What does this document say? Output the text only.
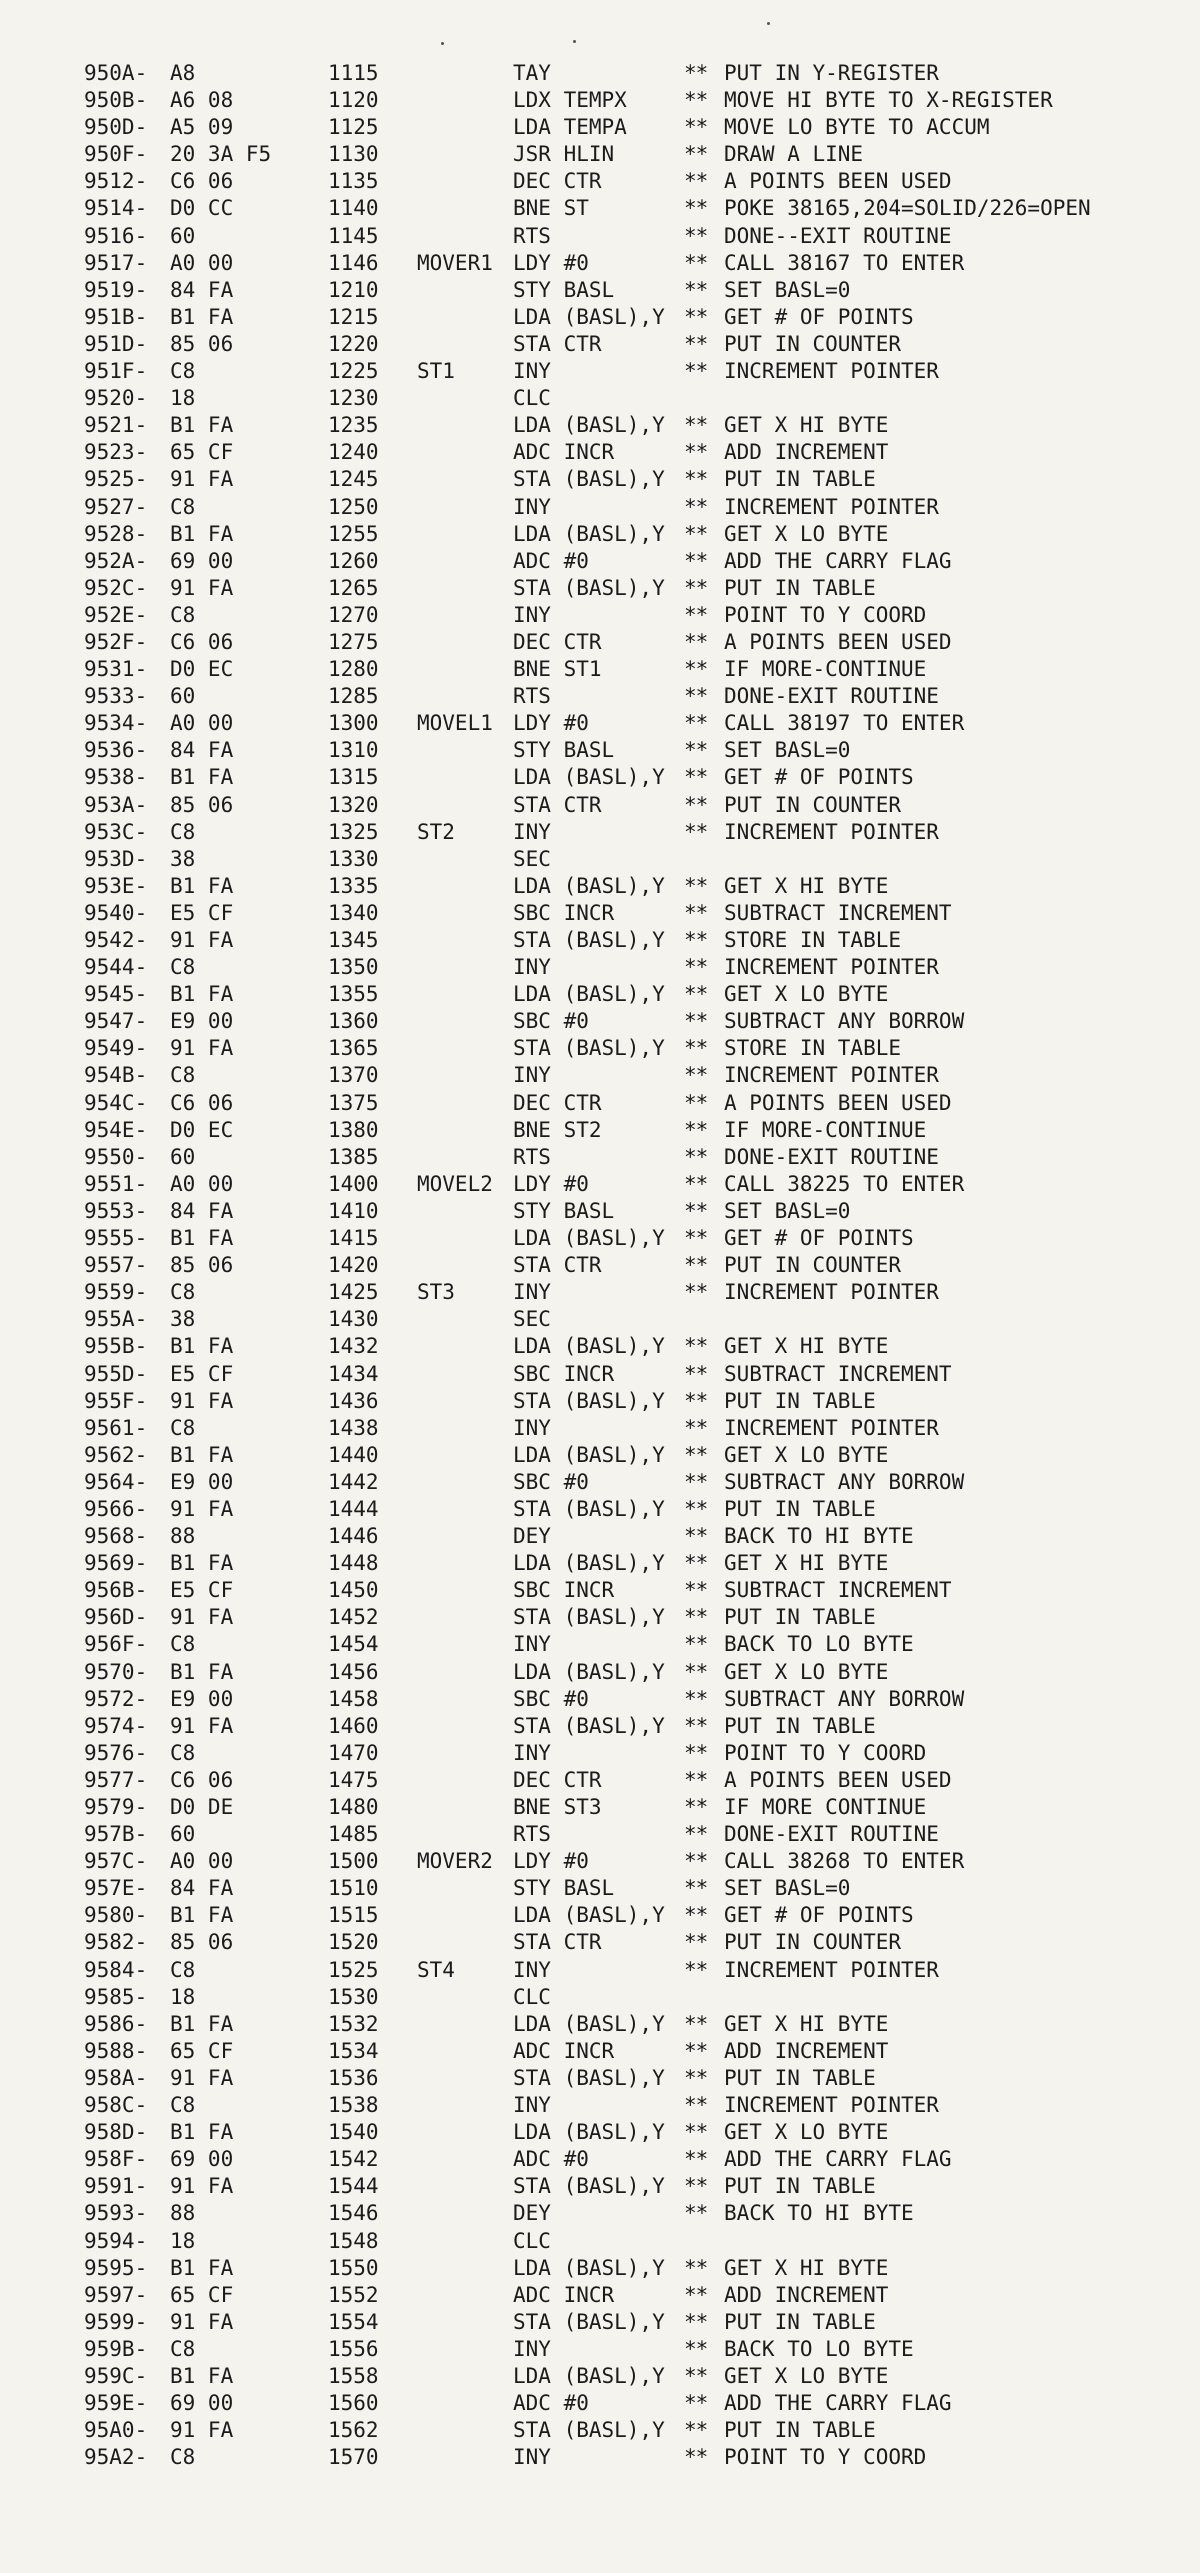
950A- A8	1115	TAY	** PUT IN Y-REGISTER
950B- A6 08	1120	LDX TEMPX	** MOVE HI BYTE TO X-REGISTER
950D- A5 09	1125	LDA TEMPA	** MOVE LO BYTE TO ACCUM
950F- 20 3A F5	1130	JSR HLIN	** DRAW A LINE
9512- C6 06	1135	DEC CTR	** A POINTS BEEN USED
9514- D0 CC	1140	BNE ST	** POKE 38165,204=SOLID/226=OPEN
9516- 60	1145	RTS	** DONE--EXIT ROUTINE
9517- A0 00	1146 MOVER1 LDY #0	** CALL 38167 TO ENTER
9519- 84 FA	1210	STY BASL	** SET BASL=0
951B- B1 FA	1215	LDA (BASL),Y ** GET # OF POINTS
951D- 85 06	1220	STA CTR	** PUT IN COUNTER
951F- C8	1225 ST1	INY	** INCREMENT POINTER
9520- 18	1230	CLC
9521- B1 FA	1235	LDA (BASL),Y ** GET X HI BYTE
9523- 65 CF	1240	ADC INCR	** ADD INCREMENT
9525- 91 FA	1245	STA (BASL),Y ** PUT IN TABLE
9527- C8	1250	INY	** INCREMENT POINTER
9528- B1 FA	1255	LDA (BASL),Y ** GET X LO BYTE
952A- 69 00	1260	ADC #0	** ADD THE CARRY FLAG
952C- 91 FA	1265	STA (BASL),Y ** PUT IN TABLE
952E- C8	1270	INY	** POINT TO Y COORD
952F- C6 06	1275	DEC CTR	** A POINTS BEEN USED
9531- D0 EC	1280	BNE ST1	** IF MORE-CONTINUE
9533- 60	1285	RTS	** DONE-EXIT ROUTINE
9534- A0 00	1300 MOVEL1 LDY #0	** CALL 38197 TO ENTER
9536- 84 FA	1310	STY BASL	** SET BASL=0
9538- B1 FA	1315	LDA (BASL),Y ** GET # OF POINTS
953A- 85 06	1320	STA CTR	** PUT IN COUNTER
953C- C8	1325 ST2	INY	** INCREMENT POINTER
953D- 38	1330	SEC
953E- B1 FA	1335	LDA (BASL),Y ** GET X HI BYTE
9540- E5 CF	1340	SBC INCR	** SUBTRACT INCREMENT
9542- 91 FA	1345	STA (BASL),Y ** STORE IN TABLE
9544- C8	1350	INY	** INCREMENT POINTER
9545- B1 FA	1355	LDA (BASL),Y ** GET X LO BYTE
9547- E9 00	1360	SBC #0	** SUBTRACT ANY BORROW
9549- 91 FA	1365	STA (BASL),Y ** STORE IN TABLE
954B- C8	1370	INY	** INCREMENT POINTER
954C- C6 06	1375	DEC CTR	** A POINTS BEEN USED
954E- D0 EC	1380	BNE ST2	** IF MORE-CONTINUE
9550- 60	1385	RTS	** DONE-EXIT ROUTINE
9551- A0 00	1400 MOVEL2 LDY #0	** CALL 38225 TO ENTER
9553- 84 FA	1410	STY BASL	** SET BASL=0
9555- B1 FA	1415	LDA (BASL),Y ** GET # OF POINTS
9557- 85 06	1420	STA CTR	** PUT IN COUNTER
9559- C8	1425 ST3	INY	** INCREMENT POINTER
955A- 38	1430	SEC
955B- B1 FA	1432	LDA (BASL),Y ** GET X HI BYTE
955D- E5 CF	1434	SBC INCR	** SUBTRACT INCREMENT
955F- 91 FA	1436	STA (BASL),Y ** PUT IN TABLE
9561- C8	1438	INY	** INCREMENT POINTER
9562- B1 FA	1440	LDA (BASL),Y ** GET X LO BYTE
9564- E9 00	1442	SBC #0	** SUBTRACT ANY BORROW
9566- 91 FA	1444	STA (BASL),Y ** PUT IN TABLE
9568- 88	1446	DEY	** BACK TO HI BYTE
9569- B1 FA	1448	LDA (BASL),Y ** GET X HI BYTE
956B- E5 CF	1450	SBC INCR	** SUBTRACT INCREMENT
956D- 91 FA	1452	STA (BASL),Y ** PUT IN TABLE
956F- C8	1454	INY	** BACK TO LO BYTE
9570- B1 FA	1456	LDA (BASL),Y ** GET X LO BYTE
9572- E9 00	1458	SBC #0	** SUBTRACT ANY BORROW
9574- 91 FA	1460	STA (BASL),Y ** PUT IN TABLE
9576- C8	1470	INY	** POINT TO Y COORD
9577- C6 06	1475	DEC CTR	** A POINTS BEEN USED
9579- D0 DE	1480	BNE ST3	** IF MORE CONTINUE
957B- 60	1485	RTS	** DONE-EXIT ROUTINE
957C- A0 00	1500 MOVER2 LDY #0	** CALL 38268 TO ENTER
957E- 84 FA	1510	STY BASL	** SET BASL=0
9580- B1 FA	1515	LDA (BASL),Y ** GET # OF POINTS
9582- 85 06	1520	STA CTR	** PUT IN COUNTER
9584- C8	1525 ST4	INY	** INCREMENT POINTER
9585- 18	1530	CLC
9586- B1 FA	1532	LDA (BASL),Y ** GET X HI BYTE
9588- 65 CF	1534	ADC INCR	** ADD INCREMENT
958A- 91 FA	1536	STA (BASL),Y ** PUT IN TABLE
958C- C8	1538	INY	** INCREMENT POINTER
958D- B1 FA	1540	LDA (BASL),Y ** GET X LO BYTE
958F- 69 00	1542	ADC #0	** ADD THE CARRY FLAG
9591- 91 FA	1544	STA (BASL),Y ** PUT IN TABLE
9593- 88	1546	DEY	** BACK TO HI BYTE
9594- 18	1548	CLC
9595- B1 FA	1550	LDA (BASL),Y ** GET X HI BYTE
9597- 65 CF	1552	ADC INCR	** ADD INCREMENT
9599- 91 FA	1554	STA (BASL),Y ** PUT IN TABLE
959B- C8	1556	INY	** BACK TO LO BYTE
959C- B1 FA	1558	LDA (BASL),Y ** GET X LO BYTE
959E- 69 00	1560	ADC #0	** ADD THE CARRY FLAG
95A0- 91 FA	1562	STA (BASL),Y ** PUT IN TABLE
95A2- C8	1570	INY	** POINT TO Y COORD
